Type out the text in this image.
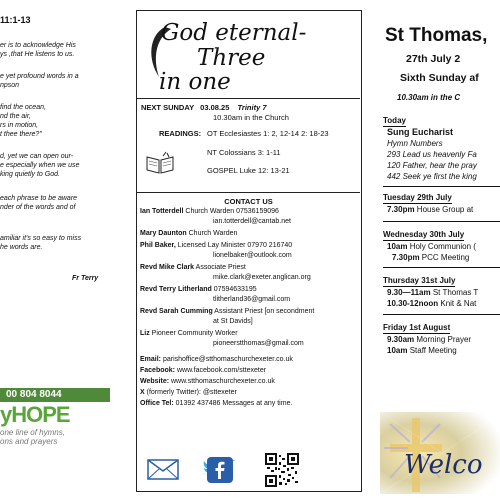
11:1-13
er is to acknowledge His
ys ,that He listens to us.
e yet profound words in a
npson
find the ocean,
nd the air,
rs in motion,
t thee there?"
d, yet we can open our-
e especially when we use
king quietly to God.
each phrase to be aware
nder of the words and of
amiliar it's so easy to miss
he words are.
Fr Terry
00 804 8044
yHOPE
one line of hymns,
ons and prayers
God eternal-
Three
in one
NEXT SUNDAY 03.08.25 Trinity 7
10.30am in the Church
READINGS: OT Ecclesiastes 1: 2, 12-14 2: 18-23
NT Colossians 3: 1-11
GOSPEL Luke 12: 13-21
CONTACT US
Ian Totterdell Church Warden 07536159096
ian.totterdell@cantab.net
Mary Daunton Church Warden
Phil Baker, Licensed Lay Minister 07970 216740
lionelbaker@outlook.com
Revd Mike Clark Associate Priest
mike.clark@exeter.anglican.org
Revd Terry Litherland 07594633195
tlitherland36@gmail.com
Revd Sarah Cumming Assistant Priest [on secondment
at St Davids]
Liz Pioneer Community Worker
pioneerstthomas@gmail.com
Email: parishoffice@stthomaschurchexeter.co.uk
Facebook: www.facebook.com/sttexeter
Website: www.stthomaschurchexeter.co.uk
X (formerly Twitter): @sttexeter
Office Tel: 01392 437486 Messages at any time.
St Thomas,
27th July 2
Sixth Sunday af
10.30am in the C
Today
Sung Eucharist
Hymn Numbers
293 Lead us heavenly Fa
120 Father, hear the pray
442 Seek ye first the king
Tuesday 29th July
7.30pm House Group at
Wednesday 30th July
10am Holy Communion (
7.30pm PCC Meeting
Thursday 31st July
9.30—11am St Thomas T
10.30-12noon Knit & Nat
Friday 1st August
9.30am Morning Prayer
10am Staff Meeting
Welco
